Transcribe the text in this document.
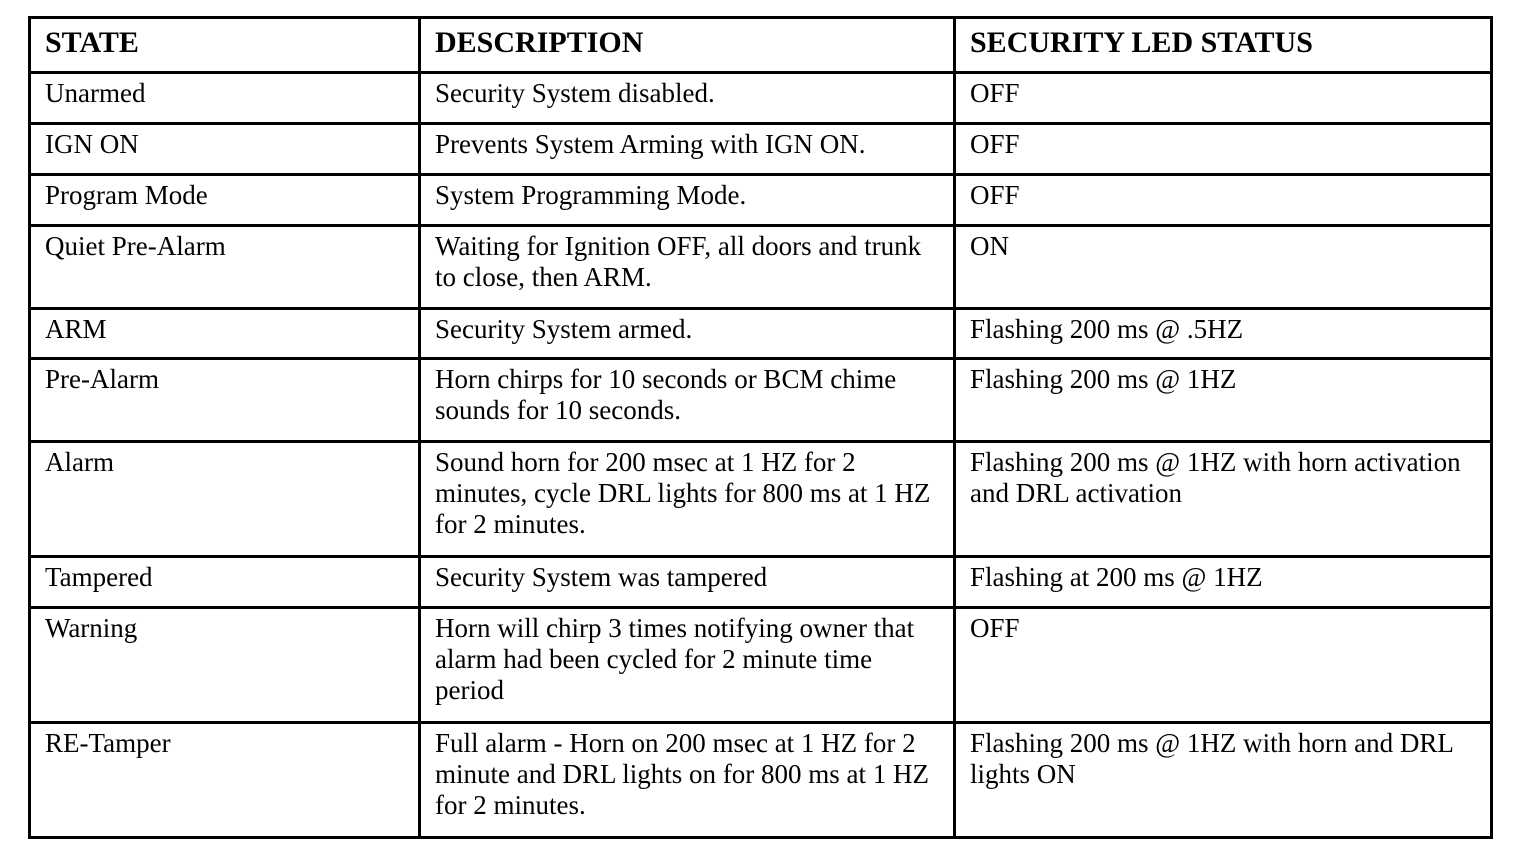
STATE	DESCRIPTION	SECURITY LED STATUS
Unarmed	Security System disabled.	OFF
IGN ON	Prevents System Arming with IGN ON.	OFF
Program Mode	System Programming Mode.	OFF
Quiet Pre-Alarm	Waiting for Ignition OFF, all doors and trunk to close, then ARM.	ON
ARM	Security System armed.	Flashing 200 ms @ .5HZ
Pre-Alarm	Horn chirps for 10 seconds or BCM chime sounds for 10 seconds.	Flashing 200 ms @ 1HZ
Alarm	Sound horn for 200 msec at 1 HZ for 2 minutes, cycle DRL lights for 800 ms at 1 HZ for 2 minutes.	Flashing 200 ms @ 1HZ with horn activation and DRL activation
Tampered	Security System was tampered	Flashing at 200 ms @ 1HZ
Warning	Horn will chirp 3 times notifying owner that alarm had been cycled for 2 minute time period	OFF
RE-Tamper	Full alarm - Horn on 200 msec at 1 HZ for 2 minute and DRL lights on for 800 ms at 1 HZ for 2 minutes.	Flashing 200 ms @ 1HZ with horn and DRL lights ON
